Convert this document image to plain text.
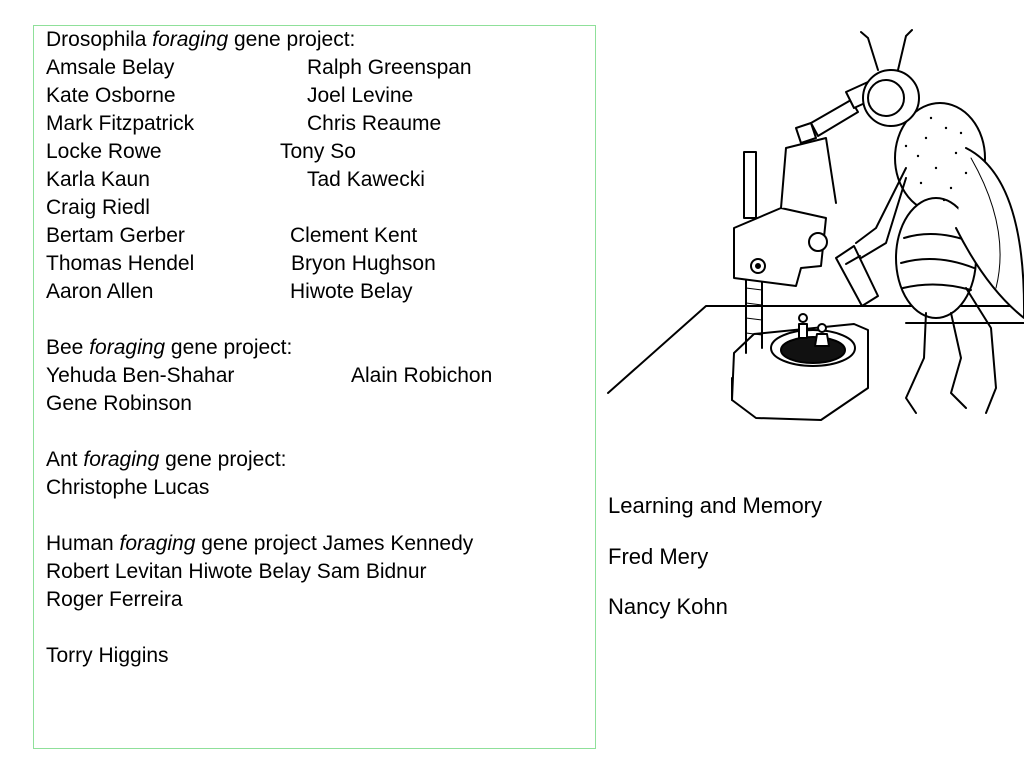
Drosophila foraging gene project:
Amsale Belay	Ralph Greenspan
Kate Osborne	Joel Levine
Mark Fitzpatrick	Chris Reaume
Locke Rowe	Tony So
Karla Kaun	Tad Kawecki
Craig Riedl
Bertam Gerber	Clement Kent
Thomas Hendel	Bryon Hughson
Aaron Allen	Hiwote Belay
Bee foraging gene project:
Yehuda Ben-Shahar	Alain Robichon
Gene Robinson
Ant foraging gene project:
Christophe Lucas
Human foraging gene project James Kennedy
Robert Levitan Hiwote Belay Sam Bidnur
Roger Ferreira
Torry Higgins
Learning and Memory
Fred Mery
Nancy Kohn
